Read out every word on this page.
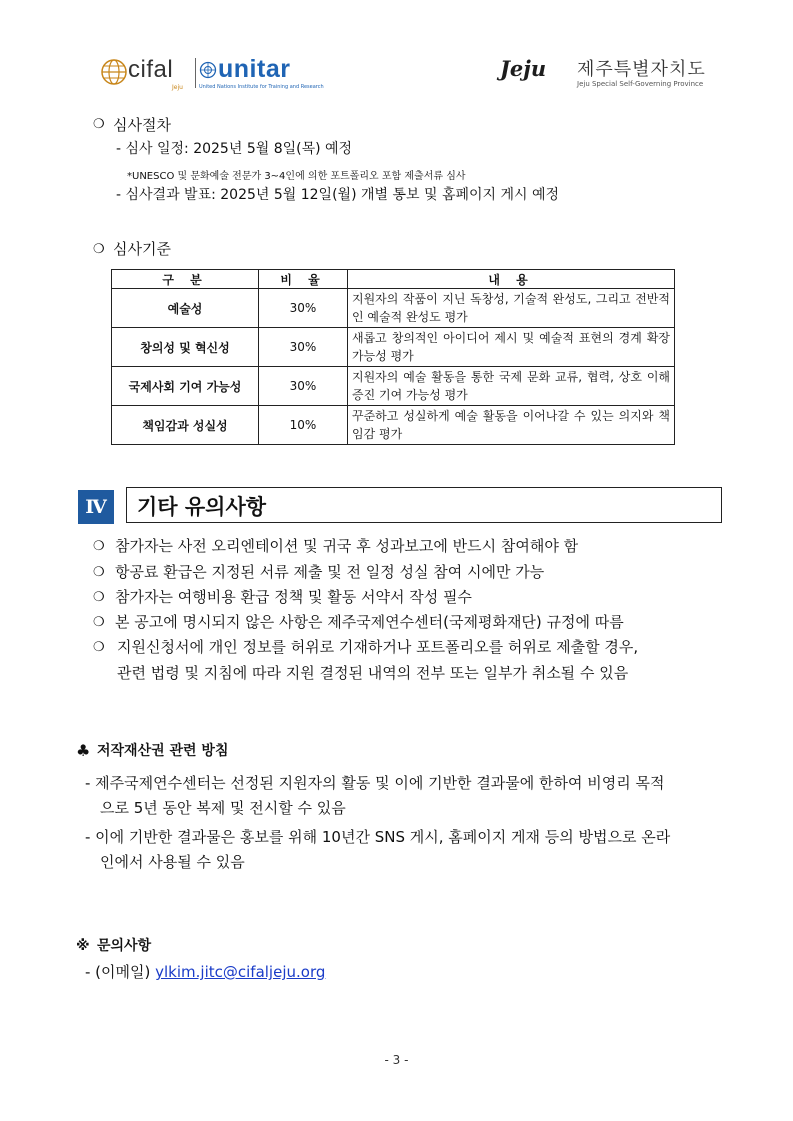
cifal
Jeju
unitar
United Nations Institute for Training and Research
Jeju 제주특별자치도
Jeju Special Self-Governing Province
❍ 심사절차
- 심사 일정: 2025년 5월 8일(목) 예정
*UNESCO 및 문화예술 전문가 3~4인에 의한 포트폴리오 포함 제출서류 심사
- 심사결과 발표: 2025년 5월 12일(월) 개별 통보 및 홈페이지 게시 예정
❍ 심사기준
구 분	비 율	내 용
예술성	30%	지원자의 작품이 지닌 독창성, 기술적 완성도, 그리고 전반적인 예술적 완성도 평가
창의성 및 혁신성	30%	새롭고 창의적인 아이디어 제시 및 예술적 표현의 경계 확장 가능성 평가
국제사회 기여 가능성	30%	지원자의 예술 활동을 통한 국제 문화 교류, 협력, 상호 이해 증진 기여 가능성 평가
책임감과 성실성	10%	꾸준하고 성실하게 예술 활동을 이어나갈 수 있는 의지와 책임감 평가
Ⅳ	기타 유의사항
❍ 참가자는 사전 오리엔테이션 및 귀국 후 성과보고에 반드시 참여해야 함
❍ 항공료 환급은 지정된 서류 제출 및 전 일정 성실 참여 시에만 가능
❍ 참가자는 여행비용 환급 정책 및 활동 서약서 작성 필수
❍ 본 공고에 명시되지 않은 사항은 제주국제연수센터(국제평화재단) 규정에 따름
❍ 지원신청서에 개인 정보를 허위로 기재하거나 포트폴리오를 허위로 제출할 경우,
관련 법령 및 지침에 따라 지원 결정된 내역의 전부 또는 일부가 취소될 수 있음
♣ 저작재산권 관련 방침
- 제주국제연수센터는 선정된 지원자의 활동 및 이에 기반한 결과물에 한하여 비영리 목적
으로 5년 동안 복제 및 전시할 수 있음
- 이에 기반한 결과물은 홍보를 위해 10년간 SNS 게시, 홈페이지 게재 등의 방법으로 온라
인에서 사용될 수 있음
※ 문의사항
- (이메일) ylkim.jitc@cifaljeju.org
- 3 -
